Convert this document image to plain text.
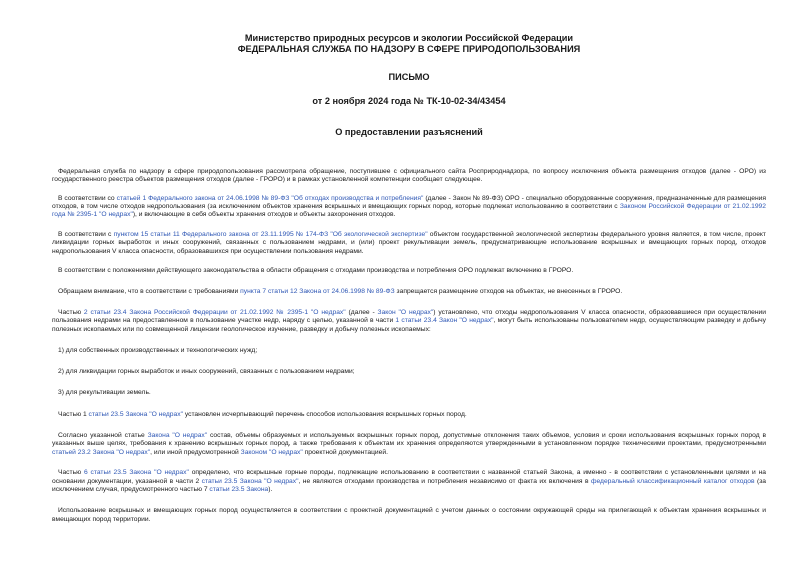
Министерство природных ресурсов и экологии Российской Федерации
ФЕДЕРАЛЬНАЯ СЛУЖБА ПО НАДЗОРУ В СФЕРЕ ПРИРОДОПОЛЬЗОВАНИЯ
ПИСЬМО
от 2 ноября 2024 года № ТК-10-02-34/43454
О предоставлении разъяснений

Федеральная служба по надзору в сфере природопользования рассмотрела обращение, поступившее с официального сайта Росприроднадзора, по вопросу исключения объекта размещения отходов (далее - ОРО) из государственного реестра объектов размещения отходов (далее - ГРОРО) и в рамках установленной компетенции сообщает следующее.

В соответствии со статьей 1 Федерального закона от 24.06.1998 № 89-ФЗ "Об отходах производства и потребления" (далее - Закон № 89-ФЗ) ОРО - специально оборудованные сооружения, предназначенные для размещения отходов, в том числе отходов недропользования (за исключением объектов хранения вскрышных и вмещающих горных пород, которые подлежат использованию в соответствии с Законом Российской Федерации от 21.02.1992 года № 2395-1 "О недрах"), и включающие в себя объекты хранения отходов и объекты захоронения отходов.

В соответствии с пунктом 15 статьи 11 Федерального закона от 23.11.1995 № 174-ФЗ "Об экологической экспертизе" объектом государственной экологической экспертизы федерального уровня является, в том числе, проект ликвидации горных выработок и иных сооружений, связанных с пользованием недрами, и (или) проект рекультивации земель, предусматривающие использование вскрышных и вмещающих горных пород, отходов недропользования V класса опасности, образовавшихся при осуществлении пользования недрами.

В соответствии с положениями действующего законодательства в области обращения с отходами производства и потребления ОРО подлежат включению в ГРОРО.

Обращаем внимание, что в соответствии с требованиями пункта 7 статьи 12 Закона от 24.06.1998 № 89-ФЗ запрещается размещение отходов на объектах, не внесенных в ГРОРО.

Частью 2 статьи 23.4 Закона Российской Федерации от 21.02.1992 № 2395-1 "О недрах" (далее - Закон "О недрах") установлено, что отходы недропользования V класса опасности, образовавшиеся при осуществлении пользования недрами на предоставленном в пользование участке недр, наряду с целью, указанной в части 1 статьи 23.4 Закон "О недрах", могут быть использованы пользователем недр, осуществляющим разведку и добычу полезных ископаемых или по совмещенной лицензии геологическое изучение, разведку и добычу полезных ископаемых:

1) для собственных производственных и технологических нужд;

2) для ликвидации горных выработок и иных сооружений, связанных с пользованием недрами;

3) для рекультивации земель.

Частью 1 статьи 23.5 Закона "О недрах" установлен исчерпывающий перечень способов использования вскрышных горных пород.

Согласно указанной статье Закона "О недрах" состав, объемы образуемых и используемых вскрышных горных пород, допустимые отклонения таких объемов, условия и сроки использования вскрышных горных пород в указанных выше целях, требования к хранению вскрышных горных пород, а также требования к объектам их хранения определяются утвержденными в установленном порядке техническими проектами, предусмотренными статьей 23.2 Закона "О недрах", или иной предусмотренной Законом "О недрах" проектной документацией.

Частью 6 статьи 23.5 Закона "О недрах" определено, что вскрышные горные породы, подлежащие использованию в соответствии с названной статьей Закона, а именно - в соответствии с установленными целями и на основании документации, указанной в части 2 статьи 23.5 Закона "О недрах", не являются отходами производства и потребления независимо от факта их включения в федеральный классификационный каталог отходов (за исключением случая, предусмотренного частью 7 статьи 23.5 Закона).

Использование вскрышных и вмещающих горных пород осуществляется в соответствии с проектной документацией с учетом данных о состоянии окружающей среды на прилегающей к объектам хранения вскрышных и вмещающих пород территории.
